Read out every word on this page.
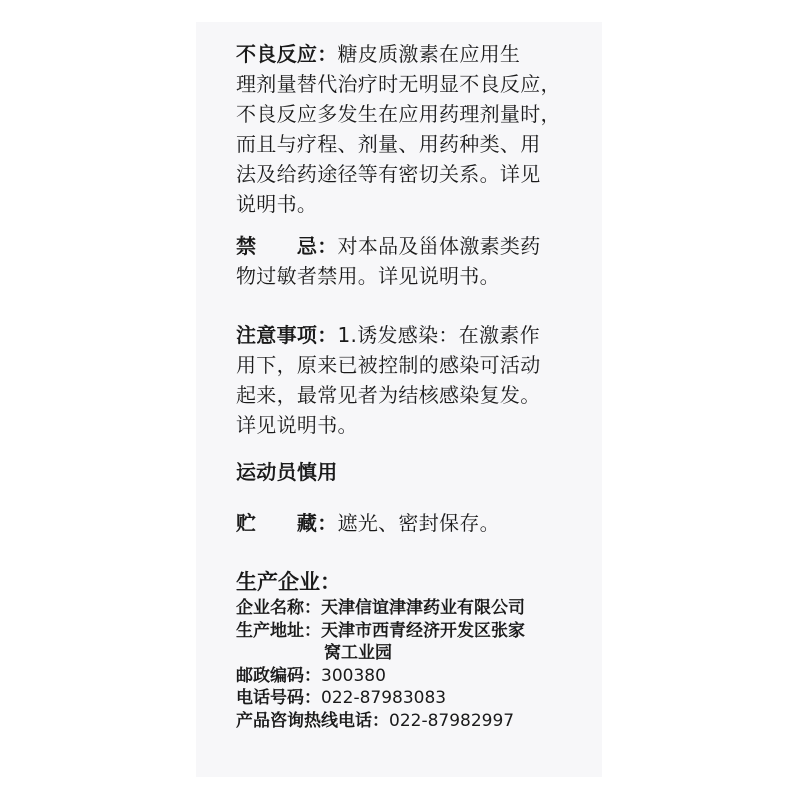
不良反应：糖皮质激素在应用生
理剂量替代治疗时无明显不良反应，
不良反应多发生在应用药理剂量时，
而且与疗程、剂量、用药种类、用
法及给药途径等有密切关系。详见
说明书。
禁　　忌：对本品及甾体激素类药
物过敏者禁用。详见说明书。
注意事项：1.诱发感染：在激素作
用下，原来已被控制的感染可活动
起来，最常见者为结核感染复发。
详见说明书。
运动员慎用
贮　　藏：遮光、密封保存。
生产企业：
企业名称：天津信谊津津药业有限公司
生产地址：天津市西青经济开发区张家
窝工业园
邮政编码：300380
电话号码：022-87983083
产品咨询热线电话：022-87982997
